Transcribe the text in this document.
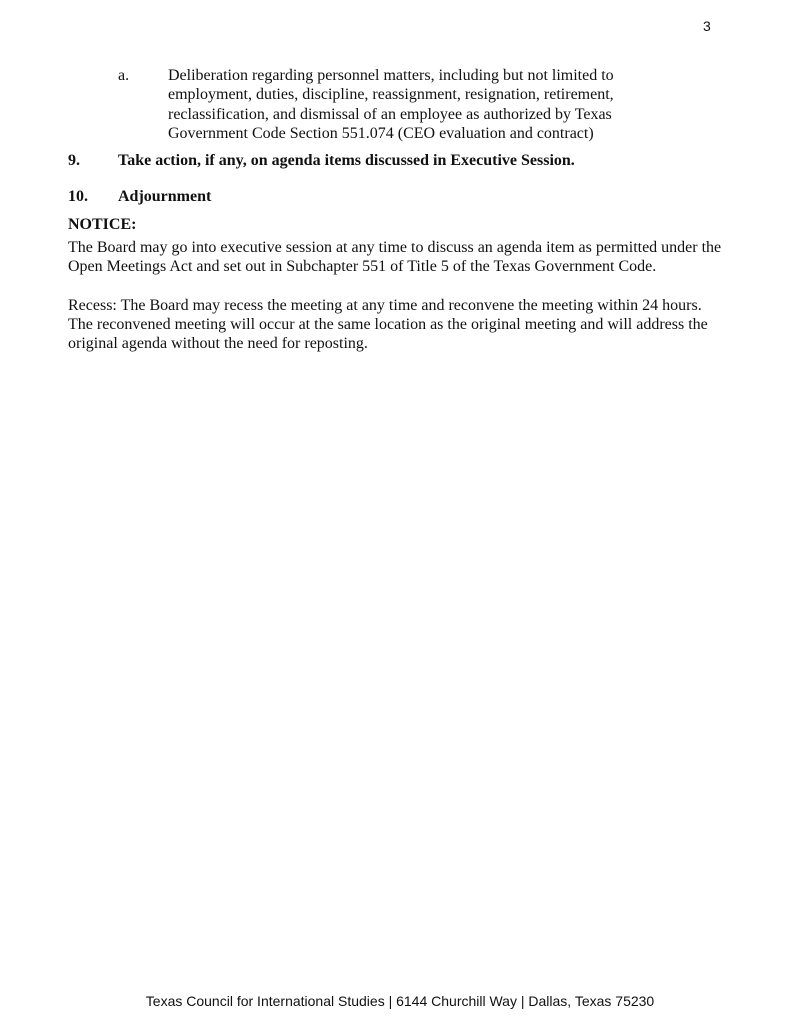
3
a.	Deliberation regarding personnel matters, including but not limited to employment, duties, discipline, reassignment, resignation, retirement, reclassification, and dismissal of an employee as authorized by Texas Government Code Section 551.074 (CEO evaluation and contract)
9.	Take action, if any, on agenda items discussed in Executive Session.
10.	Adjournment
NOTICE:
The Board may go into executive session at any time to discuss an agenda item as permitted under the Open Meetings Act and set out in Subchapter 551 of Title 5 of the Texas Government Code.
Recess: The Board may recess the meeting at any time and reconvene the meeting within 24 hours. The reconvened meeting will occur at the same location as the original meeting and will address the original agenda without the need for reposting.
Texas Council for International Studies | 6144 Churchill Way | Dallas, Texas 75230
